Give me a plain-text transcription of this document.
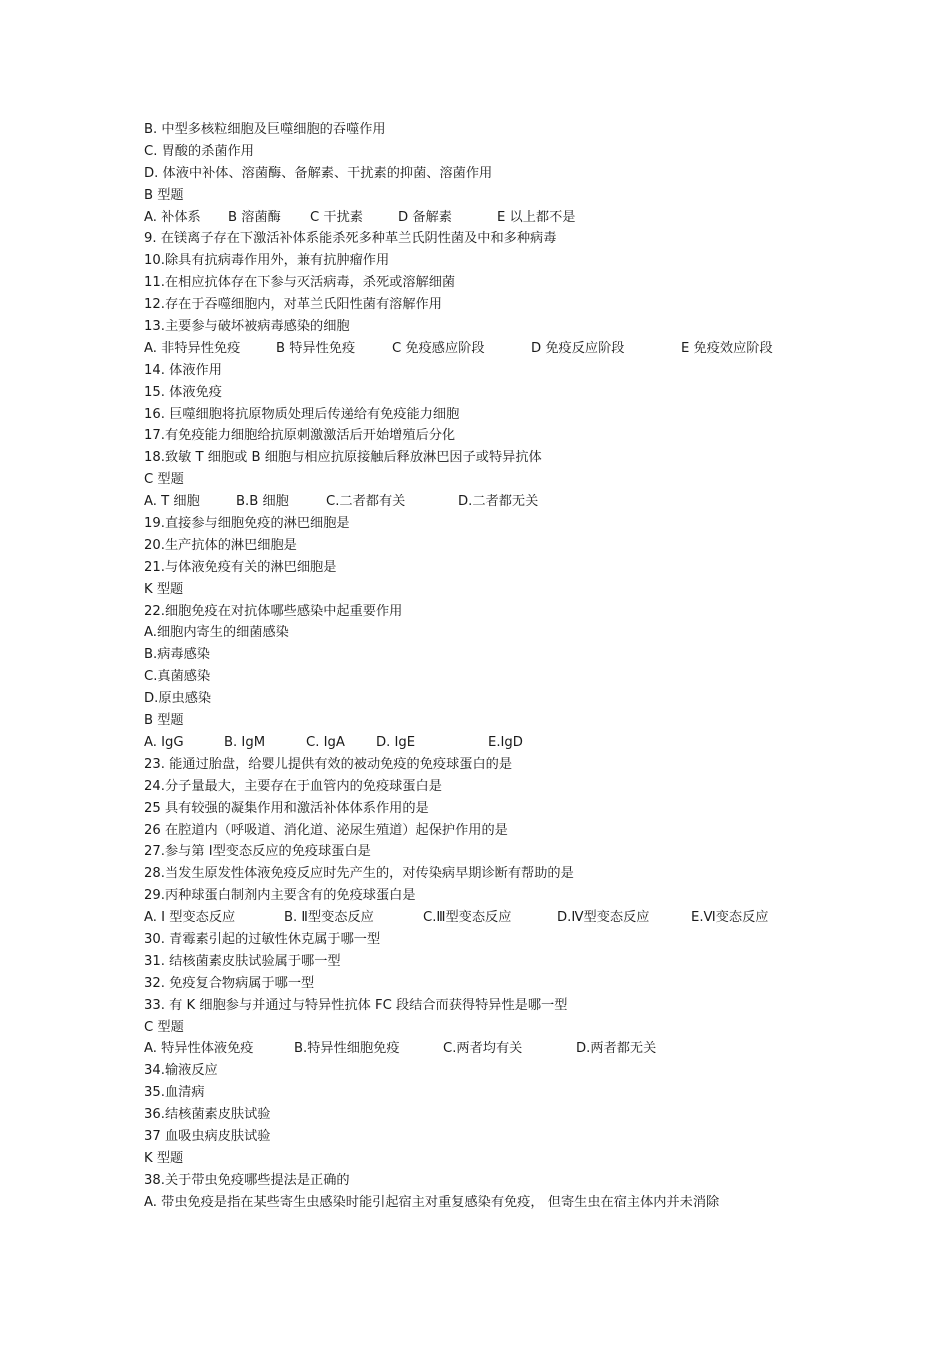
B. 中型多核粒细胞及巨噬细胞的吞噬作用
C. 胃酸的杀菌作用
D. 体液中补体、溶菌酶、备解素、干扰素的抑菌、溶菌作用
B 型题
A. 补体系	B 溶菌酶	C 干扰素	D 备解素	E 以上都不是
9. 在镁离子存在下激活补体系能杀死多种革兰氏阴性菌及中和多种病毒
10.除具有抗病毒作用外，兼有抗肿瘤作用
11.在相应抗体存在下参与灭活病毒，杀死或溶解细菌
12.存在于吞噬细胞内，对革兰氏阳性菌有溶解作用
13.主要参与破坏被病毒感染的细胞
A. 非特异性免疫	B 特异性免疫	C 免疫感应阶段	D 免疫反应阶段	E 免疫效应阶段
14. 体液作用
15. 体液免疫
16. 巨噬细胞将抗原物质处理后传递给有免疫能力细胞
17.有免疫能力细胞给抗原刺激激活后开始增殖后分化
18.致敏 T 细胞或 B 细胞与相应抗原接触后释放淋巴因子或特异抗体
C 型题
A. T 细胞	B.B 细胞	C.二者都有关	D.二者都无关
19.直接参与细胞免疫的淋巴细胞是
20.生产抗体的淋巴细胞是
21.与体液免疫有关的淋巴细胞是
K 型题
22.细胞免疫在对抗体哪些感染中起重要作用
A.细胞内寄生的细菌感染
B.病毒感染
C.真菌感染
D.原虫感染
B 型题
A. IgG	B. IgM	C. IgA	D. IgE	E.IgD
23. 能通过胎盘，给婴儿提供有效的被动免疫的免疫球蛋白的是
24.分子量最大，主要存在于血管内的免疫球蛋白是
25 具有较强的凝集作用和激活补体体系作用的是
26 在腔道内（呼吸道、消化道、泌尿生殖道）起保护作用的是
27.参与第 Ⅰ型变态反应的免疫球蛋白是
28.当发生原发性体液免疫反应时先产生的，对传染病早期诊断有帮助的是
29.丙种球蛋白制剂内主要含有的免疫球蛋白是
A. Ⅰ 型变态反应	B. Ⅱ型变态反应	C.Ⅲ型变态反应	D.Ⅳ型变态反应	E.Ⅵ变态反应
30. 青霉素引起的过敏性休克属于哪一型
31. 结核菌素皮肤试验属于哪一型
32. 免疫复合物病属于哪一型
33. 有 K 细胞参与并通过与特异性抗体 FC 段结合而获得特异性是哪一型
C 型题
A. 特异性体液免疫	B.特异性细胞免疫	C.两者均有关	D.两者都无关
34.输液反应
35.血清病
36.结核菌素皮肤试验
37 血吸虫病皮肤试验
K 型题
38.关于带虫免疫哪些提法是正确的
A. 带虫免疫是指在某些寄生虫感染时能引起宿主对重复感染有免疫， 但寄生虫在宿主体内并未消除
